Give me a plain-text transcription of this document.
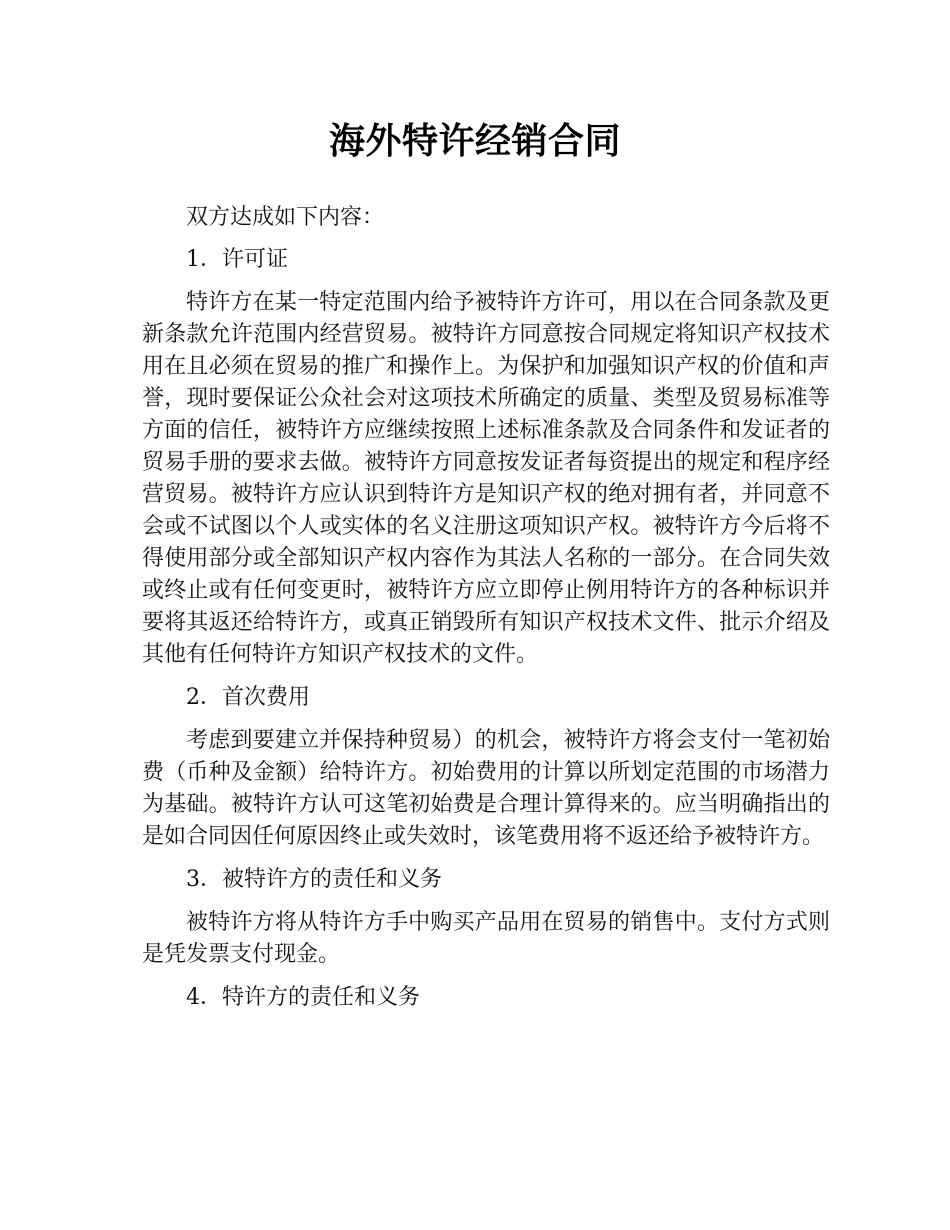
海外特许经销合同

双方达成如下内容：

1．许可证

特许方在某一特定范围内给予被特许方许可，用以在合同条款及更新条款允许范围内经营贸易。被特许方同意按合同规定将知识产权技术用在且必须在贸易的推广和操作上。为保护和加强知识产权的价值和声誉，现时要保证公众社会对这项技术所确定的质量、类型及贸易标准等方面的信任，被特许方应继续按照上述标准条款及合同条件和发证者的贸易手册的要求去做。被特许方同意按发证者每资提出的规定和程序经营贸易。被特许方应认识到特许方是知识产权的绝对拥有者，并同意不会或不试图以个人或实体的名义注册这项知识产权。被特许方今后将不得使用部分或全部知识产权内容作为其法人名称的一部分。在合同失效或终止或有任何变更时，被特许方应立即停止例用特许方的各种标识并要将其返还给特许方，或真正销毁所有知识产权技术文件、批示介绍及其他有任何特许方知识产权技术的文件。

2．首次费用

考虑到要建立并保持种贸易）的机会，被特许方将会支付一笔初始费（币种及金额）给特许方。初始费用的计算以所划定范围的市场潜力为基础。被特许方认可这笔初始费是合理计算得来的。应当明确指出的是如合同因任何原因终止或失效时，该笔费用将不返还给予被特许方。

3．被特许方的责任和义务

被特许方将从特许方手中购买产品用在贸易的销售中。支付方式则是凭发票支付现金。

4．特许方的责任和义务
